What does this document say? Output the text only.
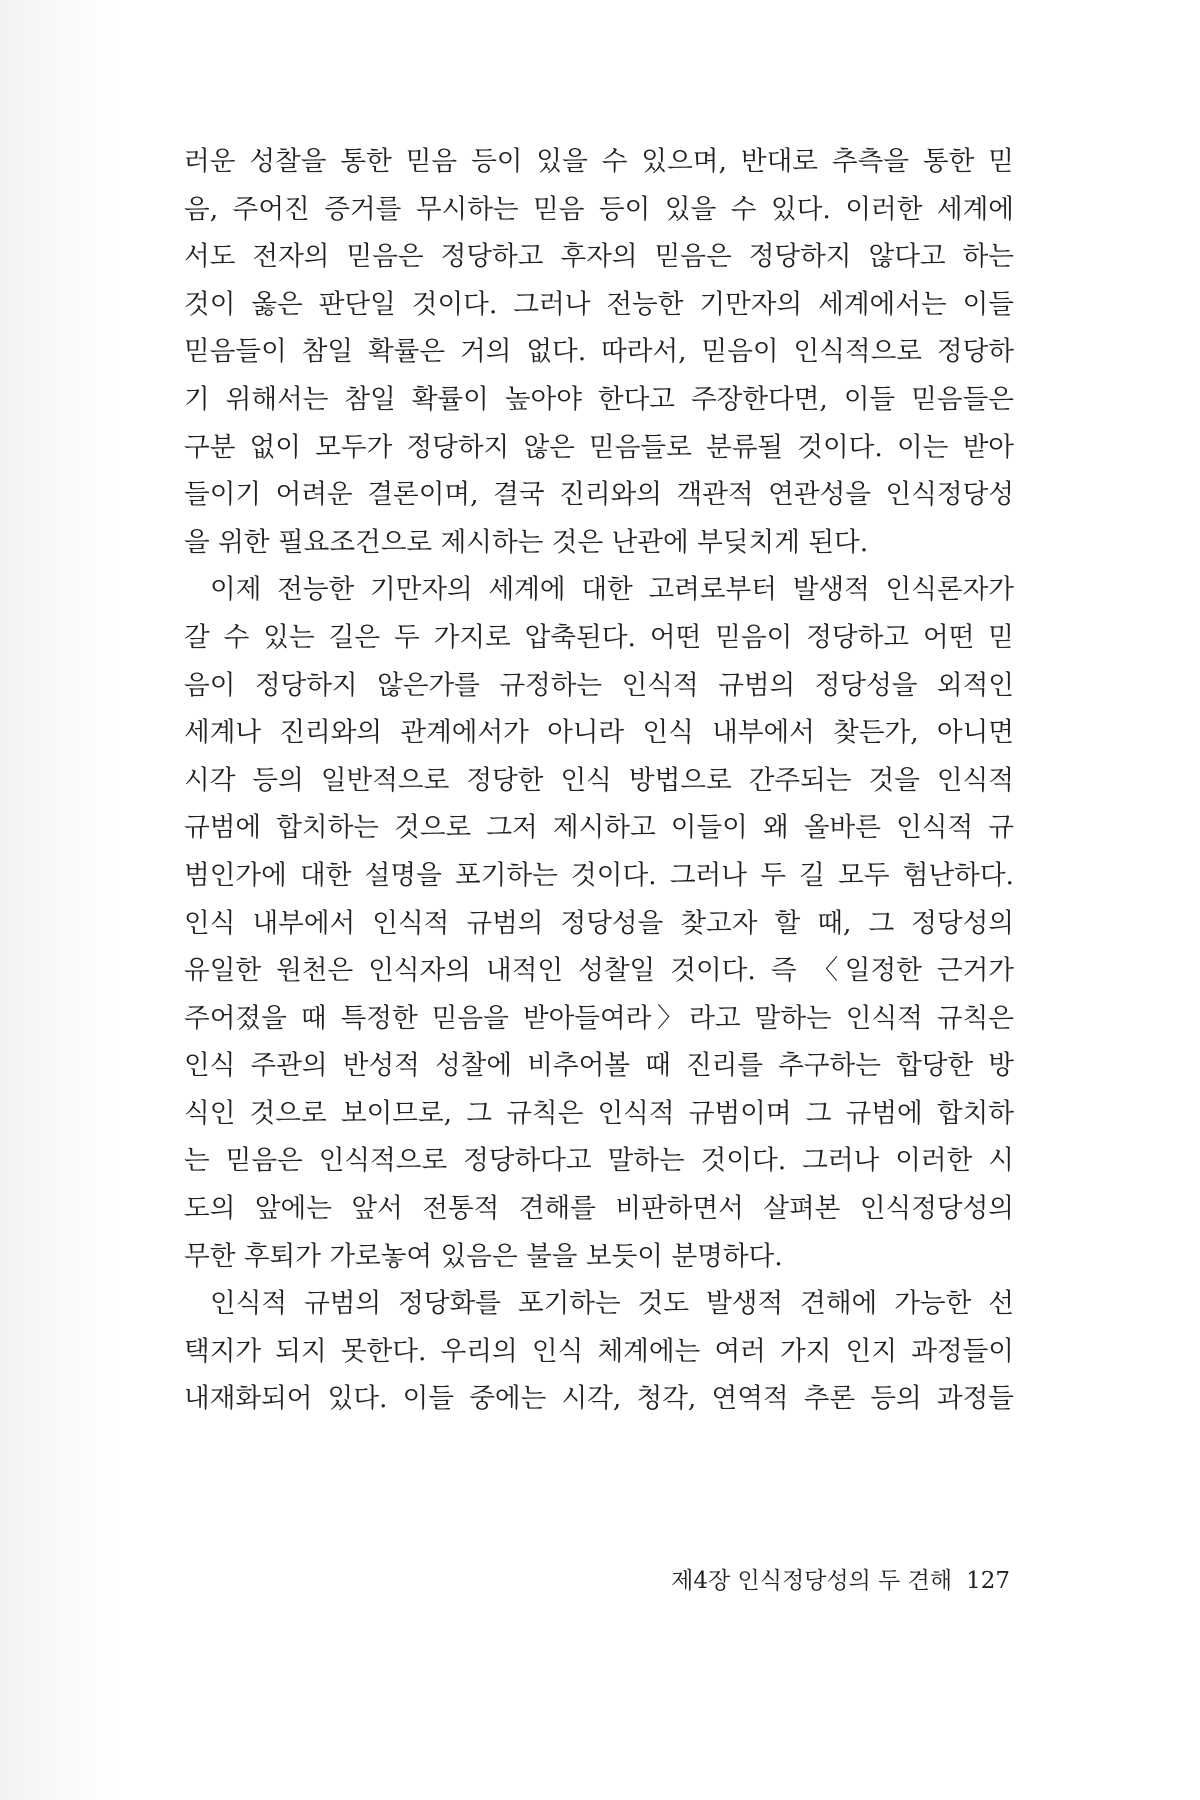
러운 성찰을 통한 믿음 등이 있을 수 있으며, 반대로 추측을 통한 믿
음, 주어진 증거를 무시하는 믿음 등이 있을 수 있다. 이러한 세계에
서도 전자의 믿음은 정당하고 후자의 믿음은 정당하지 않다고 하는
것이 옳은 판단일 것이다. 그러나 전능한 기만자의 세계에서는 이들
믿음들이 참일 확률은 거의 없다. 따라서, 믿음이 인식적으로 정당하
기 위해서는 참일 확률이 높아야 한다고 주장한다면, 이들 믿음들은
구분 없이 모두가 정당하지 않은 믿음들로 분류될 것이다. 이는 받아
들이기 어려운 결론이며, 결국 진리와의 객관적 연관성을 인식정당성
을 위한 필요조건으로 제시하는 것은 난관에 부딪치게 된다.
이제 전능한 기만자의 세계에 대한 고려로부터 발생적 인식론자가
갈 수 있는 길은 두 가지로 압축된다. 어떤 믿음이 정당하고 어떤 믿
음이 정당하지 않은가를 규정하는 인식적 규범의 정당성을 외적인
세계나 진리와의 관계에서가 아니라 인식 내부에서 찾든가, 아니면
시각 등의 일반적으로 정당한 인식 방법으로 간주되는 것을 인식적
규범에 합치하는 것으로 그저 제시하고 이들이 왜 올바른 인식적 규
범인가에 대한 설명을 포기하는 것이다. 그러나 두 길 모두 험난하다.
인식 내부에서 인식적 규범의 정당성을 찾고자 할 때, 그 정당성의
유일한 원천은 인식자의 내적인 성찰일 것이다. 즉 〈일정한 근거가
주어졌을 때 특정한 믿음을 받아들여라〉라고 말하는 인식적 규칙은
인식 주관의 반성적 성찰에 비추어볼 때 진리를 추구하는 합당한 방
식인 것으로 보이므로, 그 규칙은 인식적 규범이며 그 규범에 합치하
는 믿음은 인식적으로 정당하다고 말하는 것이다. 그러나 이러한 시
도의 앞에는 앞서 전통적 견해를 비판하면서 살펴본 인식정당성의
무한 후퇴가 가로놓여 있음은 불을 보듯이 분명하다.
인식적 규범의 정당화를 포기하는 것도 발생적 견해에 가능한 선
택지가 되지 못한다. 우리의 인식 체계에는 여러 가지 인지 과정들이
내재화되어 있다. 이들 중에는 시각, 청각, 연역적 추론 등의 과정들
제4장 인식정당성의 두 견해 127
